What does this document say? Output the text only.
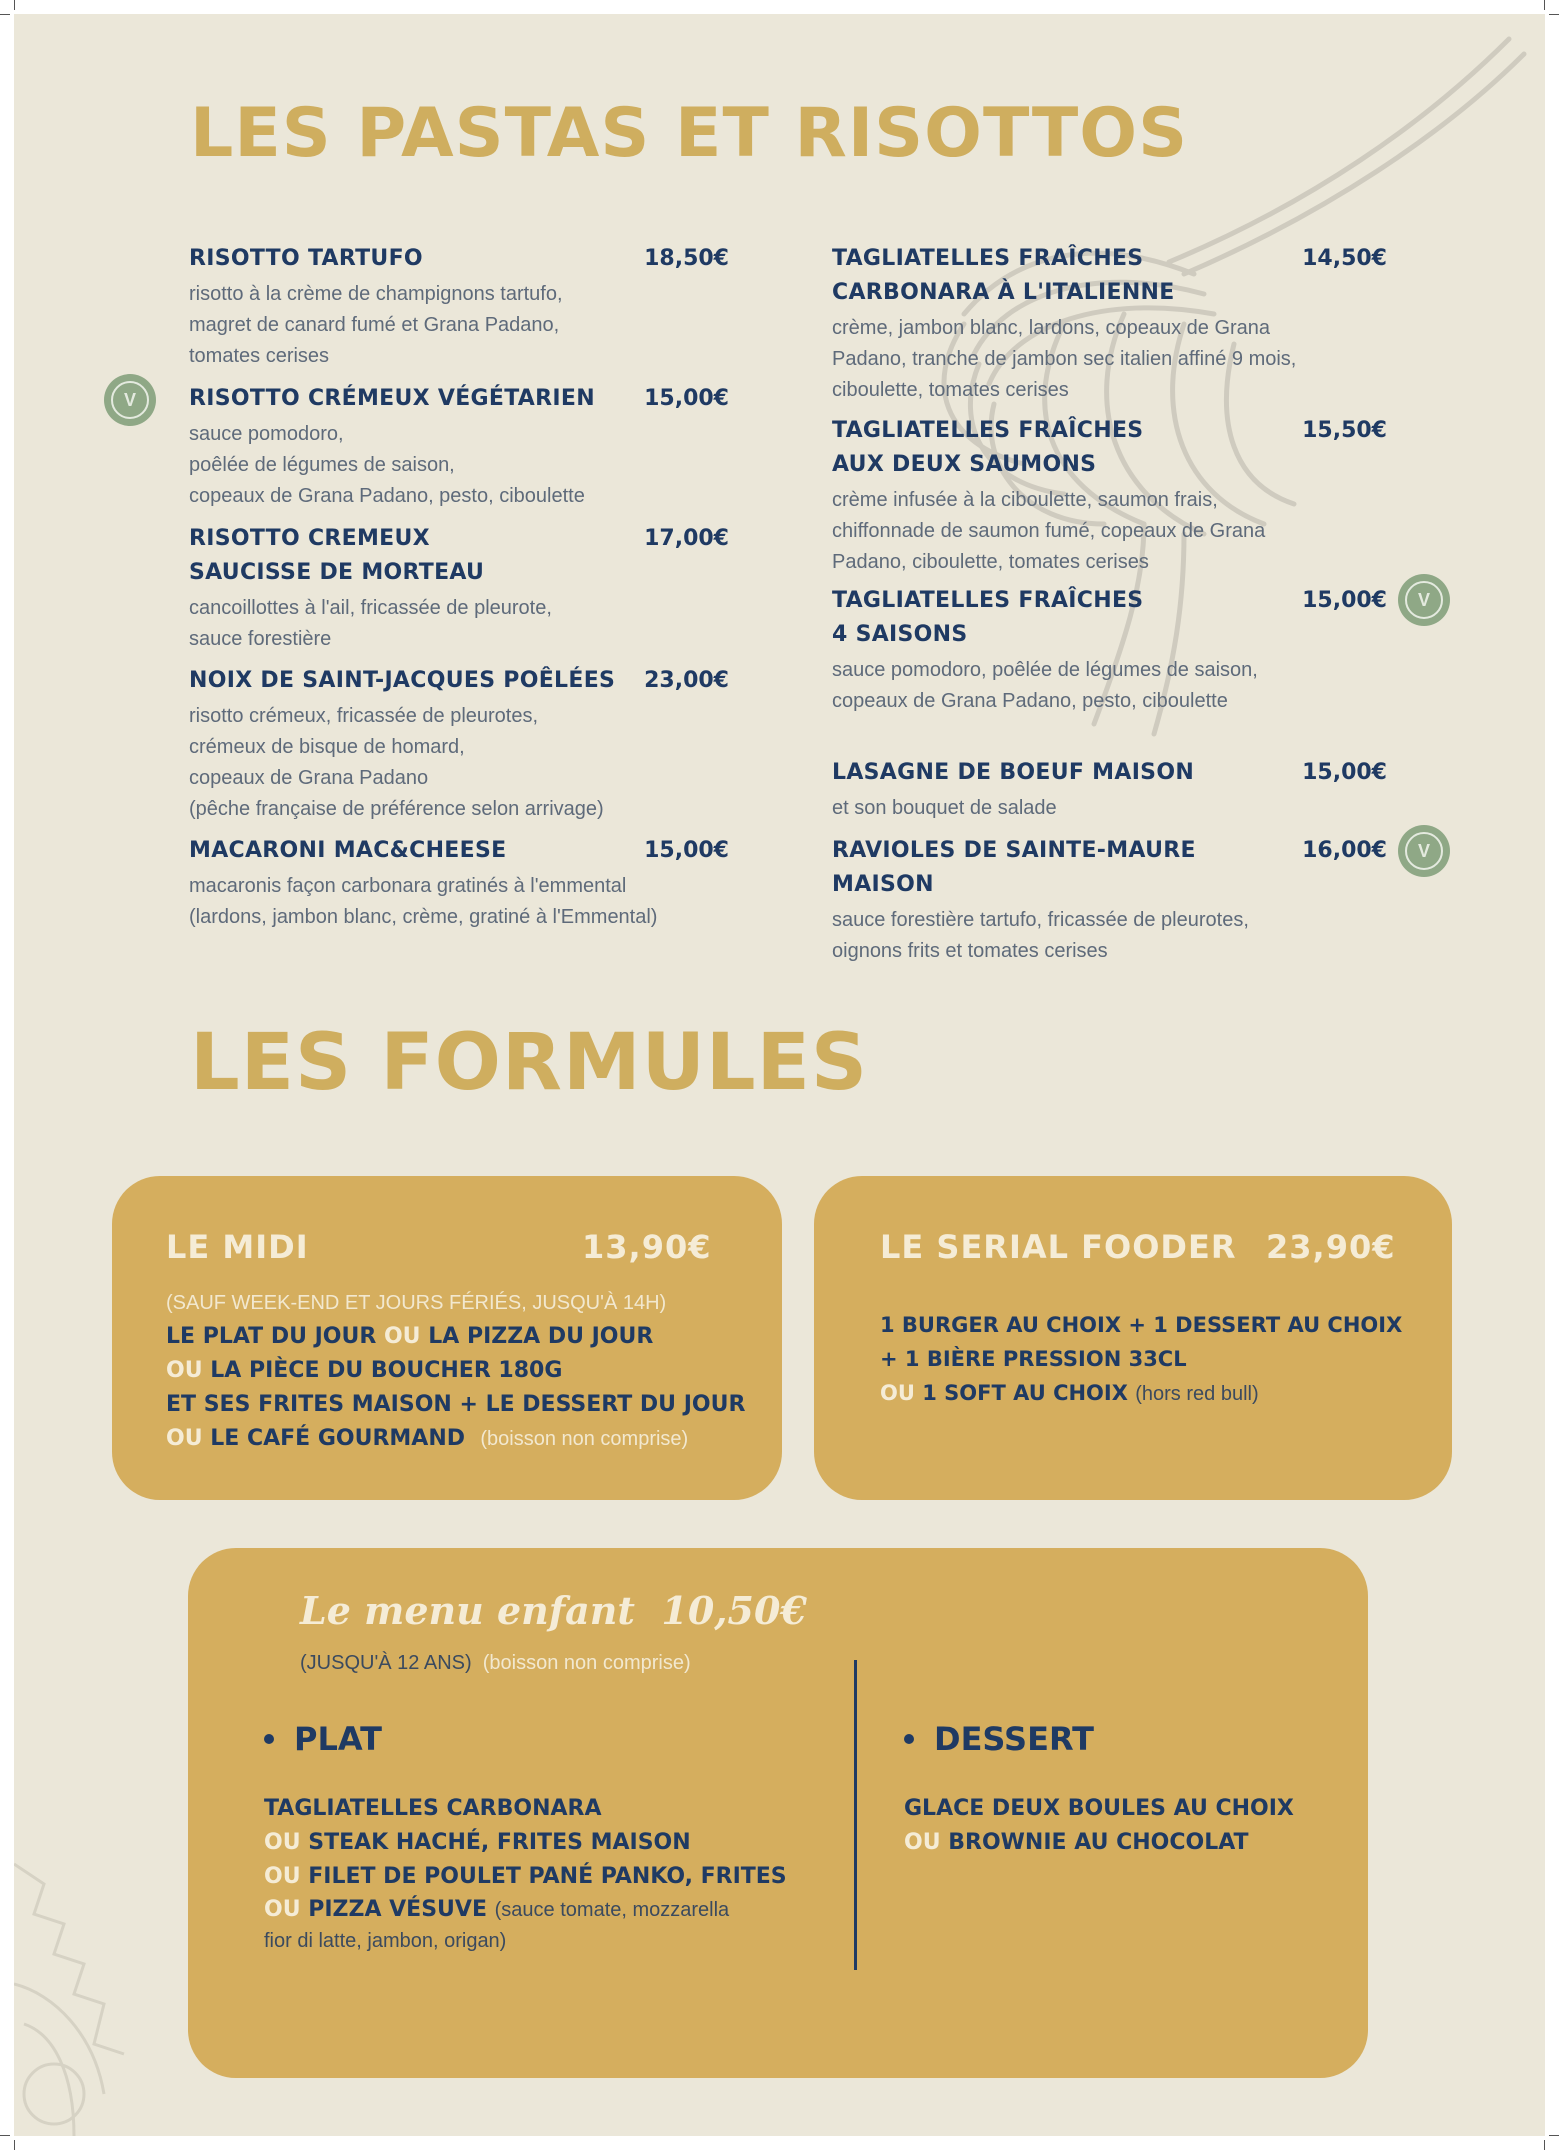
LES PASTAS ET RISOTTOS
V
V
V
RISOTTO TARTUFO	18,50€
risotto à la crème de champignons tartufo,
magret de canard fumé et Grana Padano,
tomates cerises
RISOTTO CRÉMEUX VÉGÉTARIEN 15,00€
sauce pomodoro,
poêlée de légumes de saison,
copeaux de Grana Padano, pesto, ciboulette
RISOTTO CREMEUX
SAUCISSE DE MORTEAU
17,00€
cancoillottes à l'ail, fricassée de pleurote,
sauce forestière
NOIX DE SAINT-JACQUES POÊLÉES 23,00€
risotto crémeux, fricassée de pleurotes,
crémeux de bisque de homard,
copeaux de Grana Padano
(pêche française de préférence selon arrivage)
MACARONI MAC&CHEESE	15,00€
macaronis façon carbonara gratinés à l'emmental
(lardons, jambon blanc, crème, gratiné à l'Emmental)
TAGLIATELLES FRAÎCHES
CARBONARA À L'ITALIENNE
14,50€
crème, jambon blanc, lardons, copeaux de Grana
Padano, tranche de jambon sec italien affiné 9 mois,
ciboulette, tomates cerises
TAGLIATELLES FRAÎCHES
AUX DEUX SAUMONS
15,50€
crème infusée à la ciboulette, saumon frais,
chiffonnade de saumon fumé, copeaux de Grana
Padano, ciboulette, tomates cerises
TAGLIATELLES FRAÎCHES
4 SAISONS
15,00€
sauce pomodoro, poêlée de légumes de saison,
copeaux de Grana Padano, pesto, ciboulette
LASAGNE DE BOEUF MAISON	15,00€
et son bouquet de salade
RAVIOLES DE SAINTE-MAURE MAISON
16,00€
sauce forestière tartufo, fricassée de pleurotes,
oignons frits et tomates cerises
LES FORMULES
LE MIDI	13,90€
(SAUF WEEK-END ET JOURS FÉRIÉS, JUSQU'À 14H)
LE PLAT DU JOUR OU LA PIZZA DU JOUR
OU LA PIÈCE DU BOUCHER 180G
ET SES FRITES MAISON + LE DESSERT DU JOUR
OU LE CAFÉ GOURMAND (boisson non comprise)
LE SERIAL FOODER 23,90€
1 BURGER AU CHOIX + 1 DESSERT AU CHOIX
+ 1 BIÈRE PRESSION 33CL
OU 1 SOFT AU CHOIX (hors red bull)
Le menu enfant 10,50€
(JUSQU'À 12 ANS) (boisson non comprise)
PLAT
TAGLIATELLES CARBONARA
OU STEAK HACHÉ, FRITES MAISON
OU FILET DE POULET PANÉ PANKO, FRITES
OU PIZZA VÉSUVE (sauce tomate, mozzarella
fior di latte, jambon, origan)
DESSERT
GLACE DEUX BOULES AU CHOIX
OU BROWNIE AU CHOCOLAT
